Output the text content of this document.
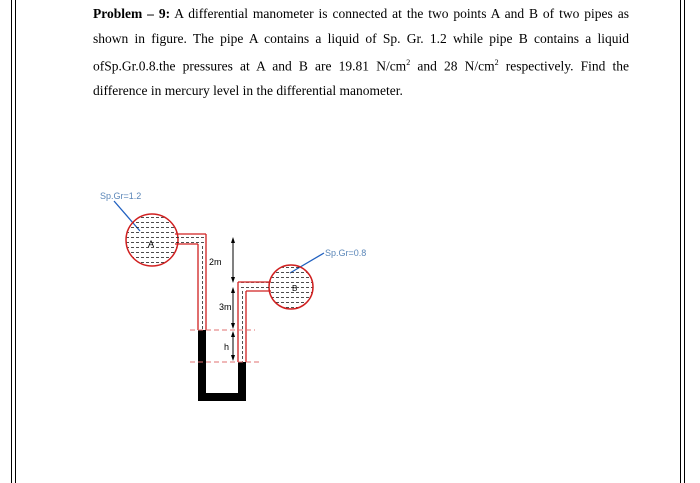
Problem – 9: A differential manometer is connected at the two points A and B of two pipes as shown in figure. The pipe A contains a liquid of Sp. Gr. 1.2 while pipe B contains a liquid ofSp.Gr.0.8.the pressures at A and B are 19.81 $N/cm^2$ and 28 $N/cm^2$ respectively. Find the difference in mercury level in the differential manometer.

Sp.Gr=1.2
Sp.Gr=0.8
A
B
2m
3m
h
